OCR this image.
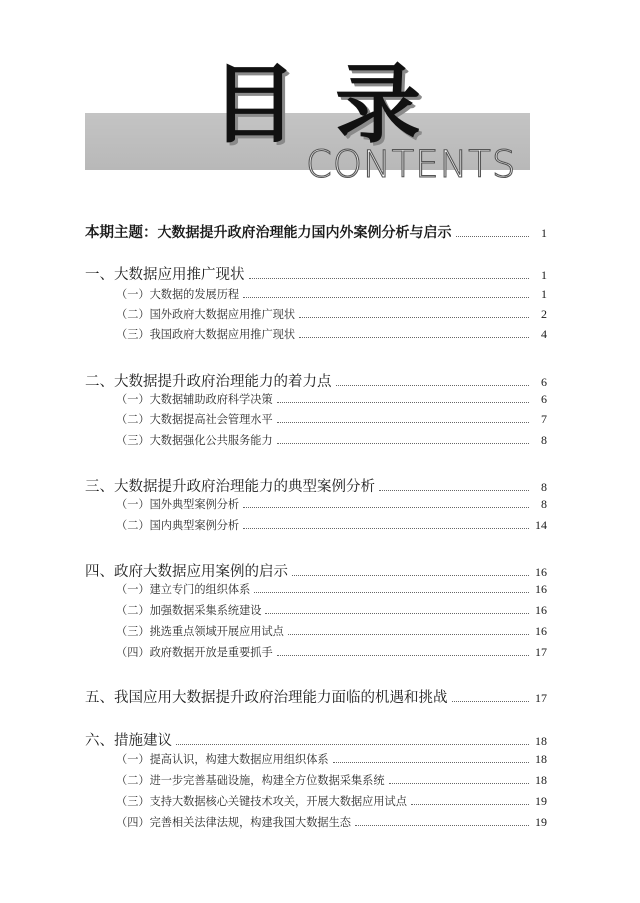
目录
CONTENTS
本期主题： 大数据提升政府治理能力国内外案例分析与启示	1
一、大数据应用推广现状	1
（一）大数据的发展历程	1
（二）国外政府大数据应用推广现状	2
（三）我国政府大数据应用推广现状	4
二、大数据提升政府治理能力的着力点	6
（一）大数据辅助政府科学决策	6
（二）大数据提高社会管理水平	7
（三）大数据强化公共服务能力	8
三、大数据提升政府治理能力的典型案例分析	8
（一）国外典型案例分析	8
（二）国内典型案例分析	14
四、政府大数据应用案例的启示	16
（一）建立专门的组织体系	16
（二）加强数据采集系统建设	16
（三）挑选重点领域开展应用试点	16
（四）政府数据开放是重要抓手	17
五、我国应用大数据提升政府治理能力面临的机遇和挑战	17
六、措施建议	18
（一）提高认识，构建大数据应用组织体系	18
（二）进一步完善基础设施，构建全方位数据采集系统	18
（三）支持大数据核心关键技术攻关，开展大数据应用试点	19
（四）完善相关法律法规，构建我国大数据生态	19
